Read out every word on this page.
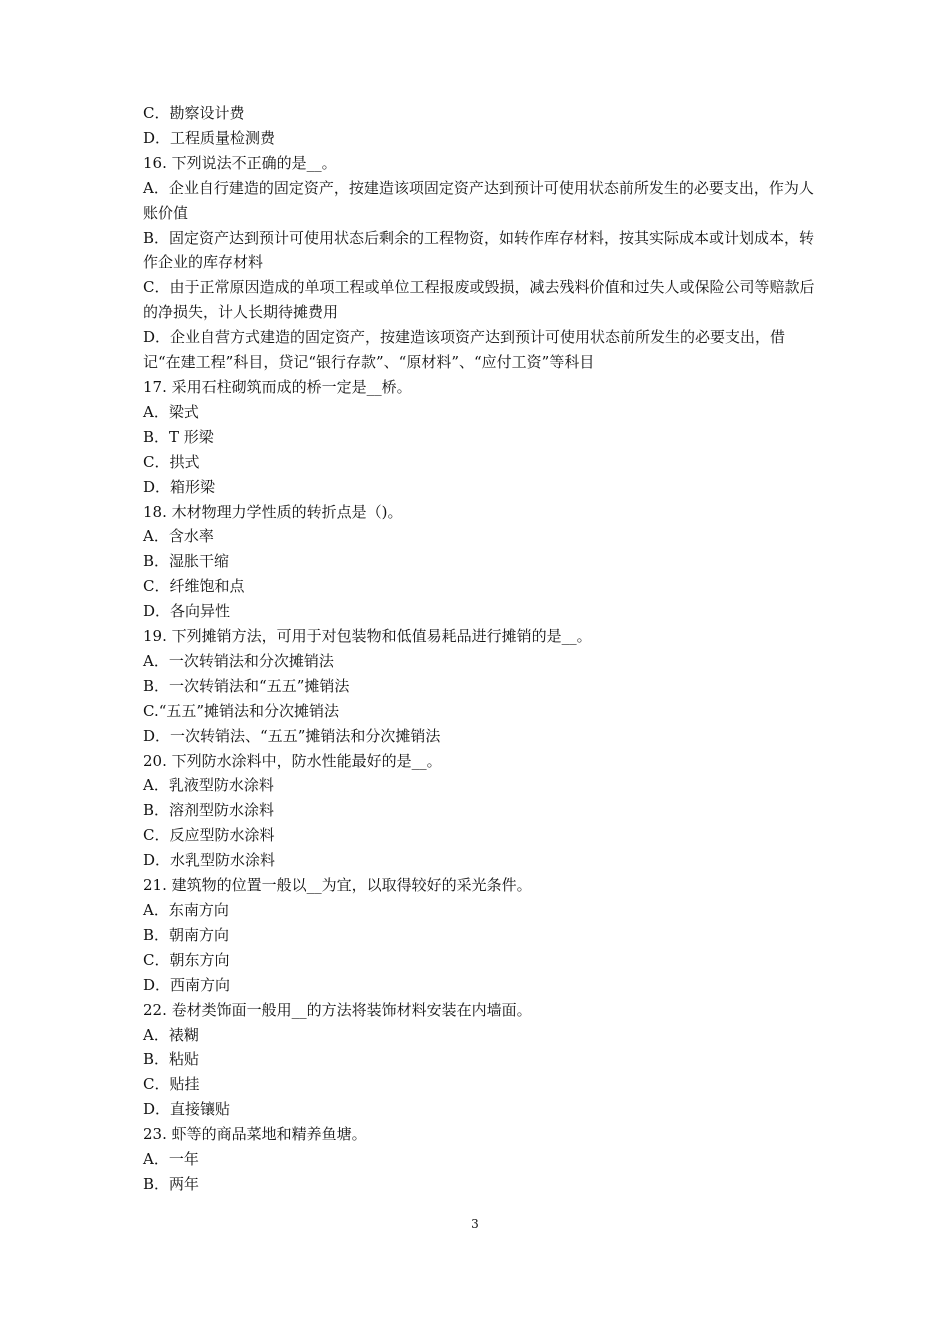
C．勘察设计费
D．工程质量检测费
16. 下列说法不正确的是__。
A．企业自行建造的固定资产，按建造该项固定资产达到预计可使用状态前所发生的必要支出，作为人账价值
B．固定资产达到预计可使用状态后剩余的工程物资，如转作库存材料，按其实际成本或计划成本，转作企业的库存材料
C．由于正常原因造成的单项工程或单位工程报废或毁损，减去残料价值和过失人或保险公司等赔款后的净损失，计人长期待摊费用
D．企业自营方式建造的固定资产，按建造该项资产达到预计可使用状态前所发生的必要支出，借记“在建工程”科目，贷记“银行存款”、“原材料”、“应付工资”等科目
17. 采用石柱砌筑而成的桥一定是__桥。
A．梁式
B．T 形梁
C．拱式
D．箱形梁
18. 木材物理力学性质的转折点是（)。
A．含水率
B．湿胀干缩
C．纤维饱和点
D．各向异性
19. 下列摊销方法，可用于对包装物和低值易耗品进行摊销的是__。
A．一次转销法和分次摊销法
B．一次转销法和“五五”摊销法
C.“五五”摊销法和分次摊销法
D．一次转销法、“五五”摊销法和分次摊销法
20. 下列防水涂料中，防水性能最好的是__。
A．乳液型防水涂料
B．溶剂型防水涂料
C．反应型防水涂料
D．水乳型防水涂料
21. 建筑物的位置一般以__为宜，以取得较好的采光条件。
A．东南方向
B．朝南方向
C．朝东方向
D．西南方向
22. 卷材类饰面一般用__的方法将装饰材料安装在内墙面。
A．裱糊
B．粘贴
C．贴挂
D．直接镶贴
23. 虾等的商品菜地和精养鱼塘。
A．一年
B．两年
3
